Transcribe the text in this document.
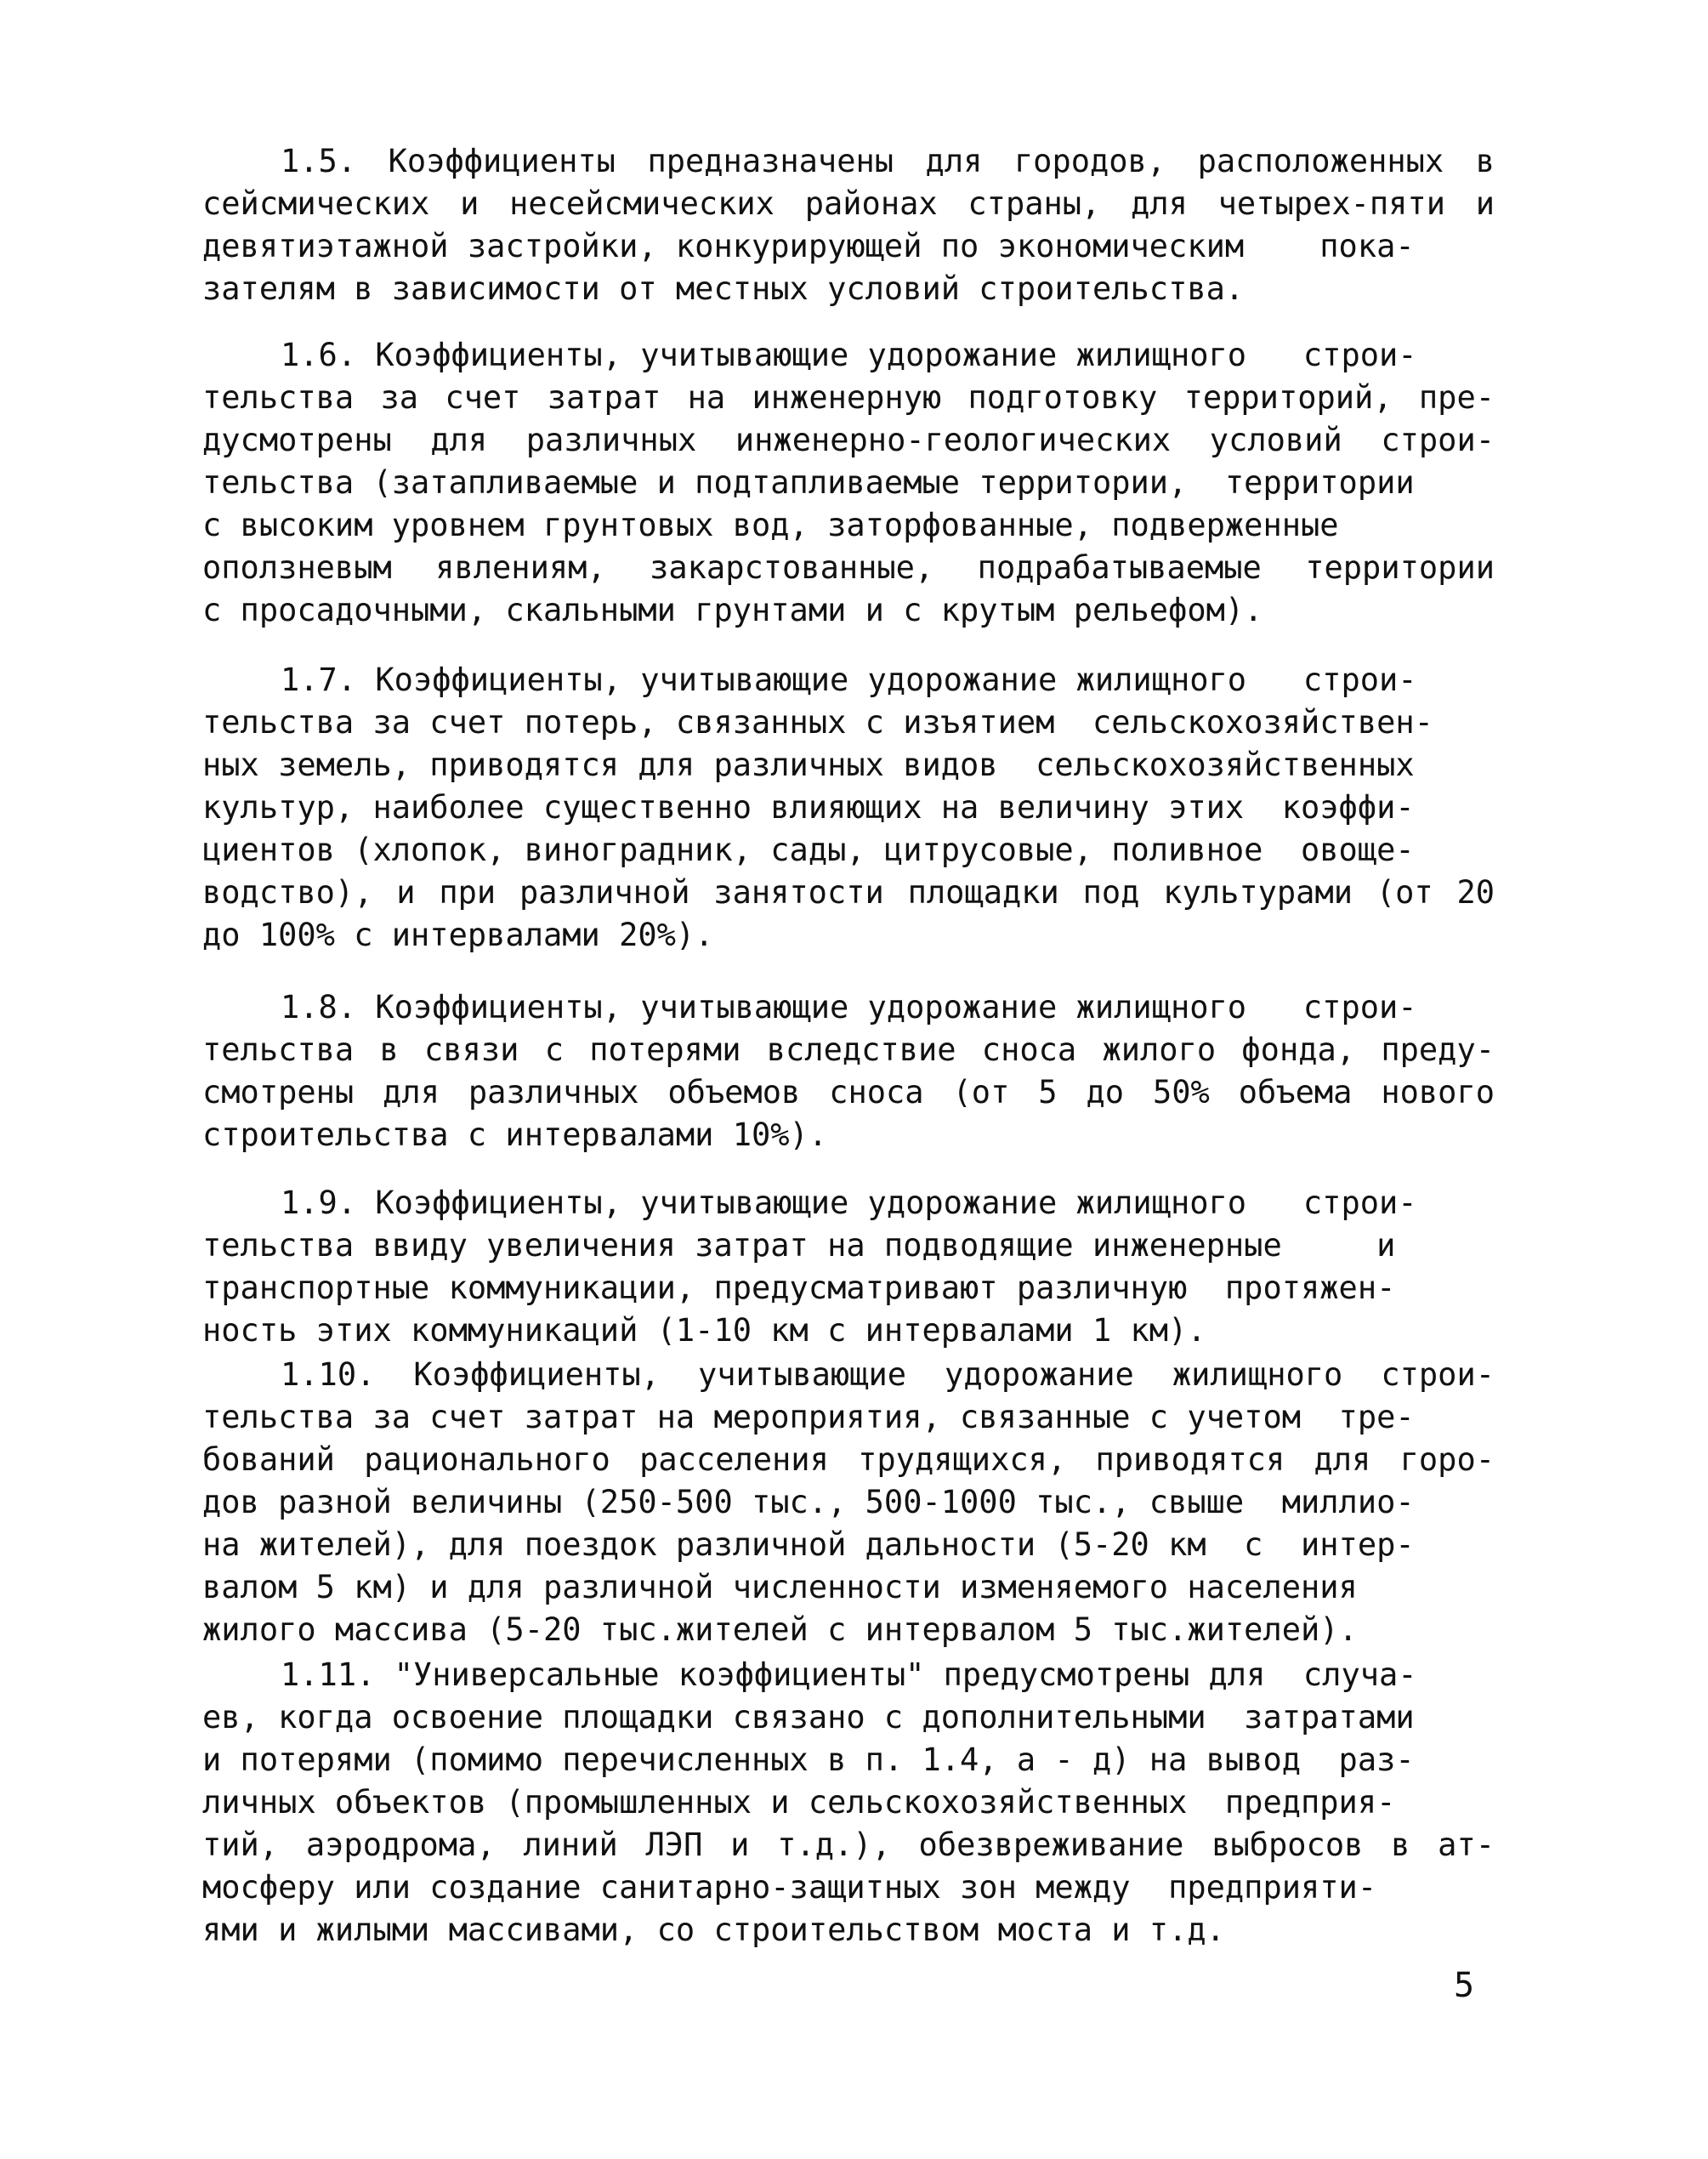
1.5. Коэффициенты предназначены для городов, расположенных в
сейсмических и несейсмических районах страны, для четырех-пяти и
девятиэтажной застройки, конкурирующей по экономическим    пока-
зателям в зависимости от местных условий строительства.
1.6. Коэффициенты, учитывающие удорожание жилищного   строи-
тельства за счет затрат на инженерную подготовку территорий, пре-
дусмотрены для различных инженерно-геологических условий строи-
тельства (затапливаемые и подтапливаемые территории,  территории
с высоким уровнем грунтовых вод, заторфованные, подверженные
оползневым явлениям, закарстованные, подрабатываемые территории
с просадочными, скальными грунтами и с крутым рельефом).
1.7. Коэффициенты, учитывающие удорожание жилищного   строи-
тельства за счет потерь, связанных с изъятием  сельскохозяйствен-
ных земель, приводятся для различных видов  сельскохозяйственных
культур, наиболее существенно влияющих на величину этих  коэффи-
циентов (хлопок, виноградник, сады, цитрусовые, поливное  овоще-
водство), и при различной занятости площадки под культурами (от 20
до 100% с интервалами 20%).
1.8. Коэффициенты, учитывающие удорожание жилищного   строи-
тельства в связи с потерями вследствие сноса жилого фонда, преду-
смотрены для различных объемов сноса (от 5 до 50% объема нового
строительства с интервалами 10%).
1.9. Коэффициенты, учитывающие удорожание жилищного   строи-
тельства ввиду увеличения затрат на подводящие инженерные     и
транспортные коммуникации, предусматривают различную  протяжен-
ность этих коммуникаций (1-10 км с интервалами 1 км).
1.10. Коэффициенты, учитывающие удорожание жилищного строи-
тельства за счет затрат на мероприятия, связанные с учетом  тре-
бований рационального расселения трудящихся, приводятся для горо-
дов разной величины (250-500 тыс., 500-1000 тыс., свыше  миллио-
на жителей), для поездок различной дальности (5-20 км  с  интер-
валом 5 км) и для различной численности изменяемого населения
жилого массива (5-20 тыс.жителей с интервалом 5 тыс.жителей).
1.11. "Универсальные коэффициенты" предусмотрены для  случа-
ев, когда освоение площадки связано с дополнительными  затратами
и потерями (помимо перечисленных в п. 1.4, а - д) на вывод  раз-
личных объектов (промышленных и сельскохозяйственных  предприя-
тий, аэродрома, линий ЛЭП и т.д.), обезвреживание выбросов в ат-
мосферу или создание санитарно-защитных зон между  предприяти-
ями и жилыми массивами, со строительством моста и т.д.
5
